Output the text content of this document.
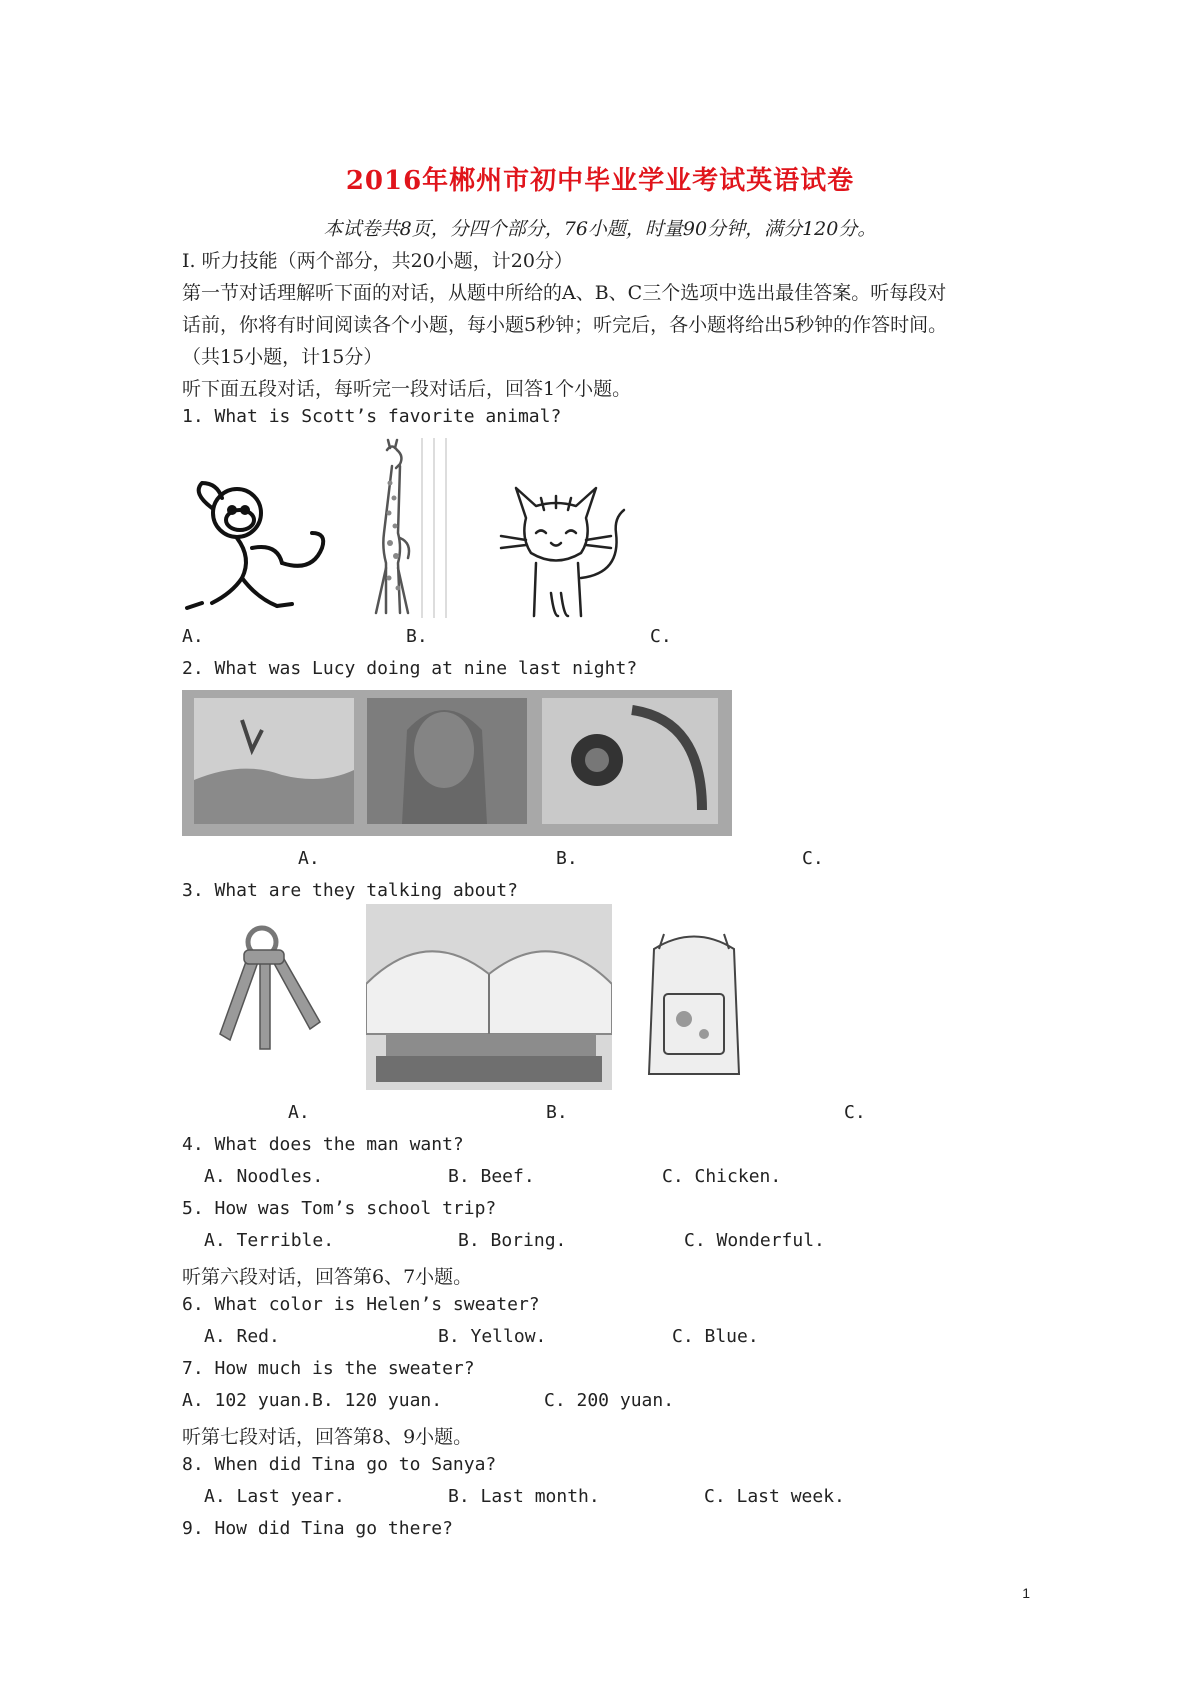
2016年郴州市初中毕业学业考试英语试卷
本试卷共8页，分四个部分，76小题，时量90分钟，满分120分。
I. 听力技能（两个部分，共20小题，计20分）
第一节对话理解听下面的对话，从题中所给的A、B、C三个选项中选出最佳答案。听每段对
话前，你将有时间阅读各个小题，每小题5秒钟；听完后，各小题将给出5秒钟的作答时间。
（共15小题，计15分）
听下面五段对话，每听完一段对话后，回答1个小题。
1. What is Scott’s favorite animal?
A.	B.	C.
2. What was Lucy doing at nine last night?
A.	B.	C.
3. What are they talking about?
A.	B.	C.
4. What does the man want?
A. Noodles.	B. Beef.	C. Chicken.
5. How was Tom’s school trip?
A. Terrible.	B. Boring.	C. Wonderful.
听第六段对话，回答第6、7小题。
6. What color is Helen’s sweater?
A. Red.	B. Yellow.	C. Blue.
7. How much is the sweater?
A. 102 yuan.B. 120 yuan.	C. 200 yuan.
听第七段对话，回答第8、9小题。
8. When did Tina go to Sanya?
A. Last year.	B. Last month.	C. Last week.
9. How did Tina go there?
1
